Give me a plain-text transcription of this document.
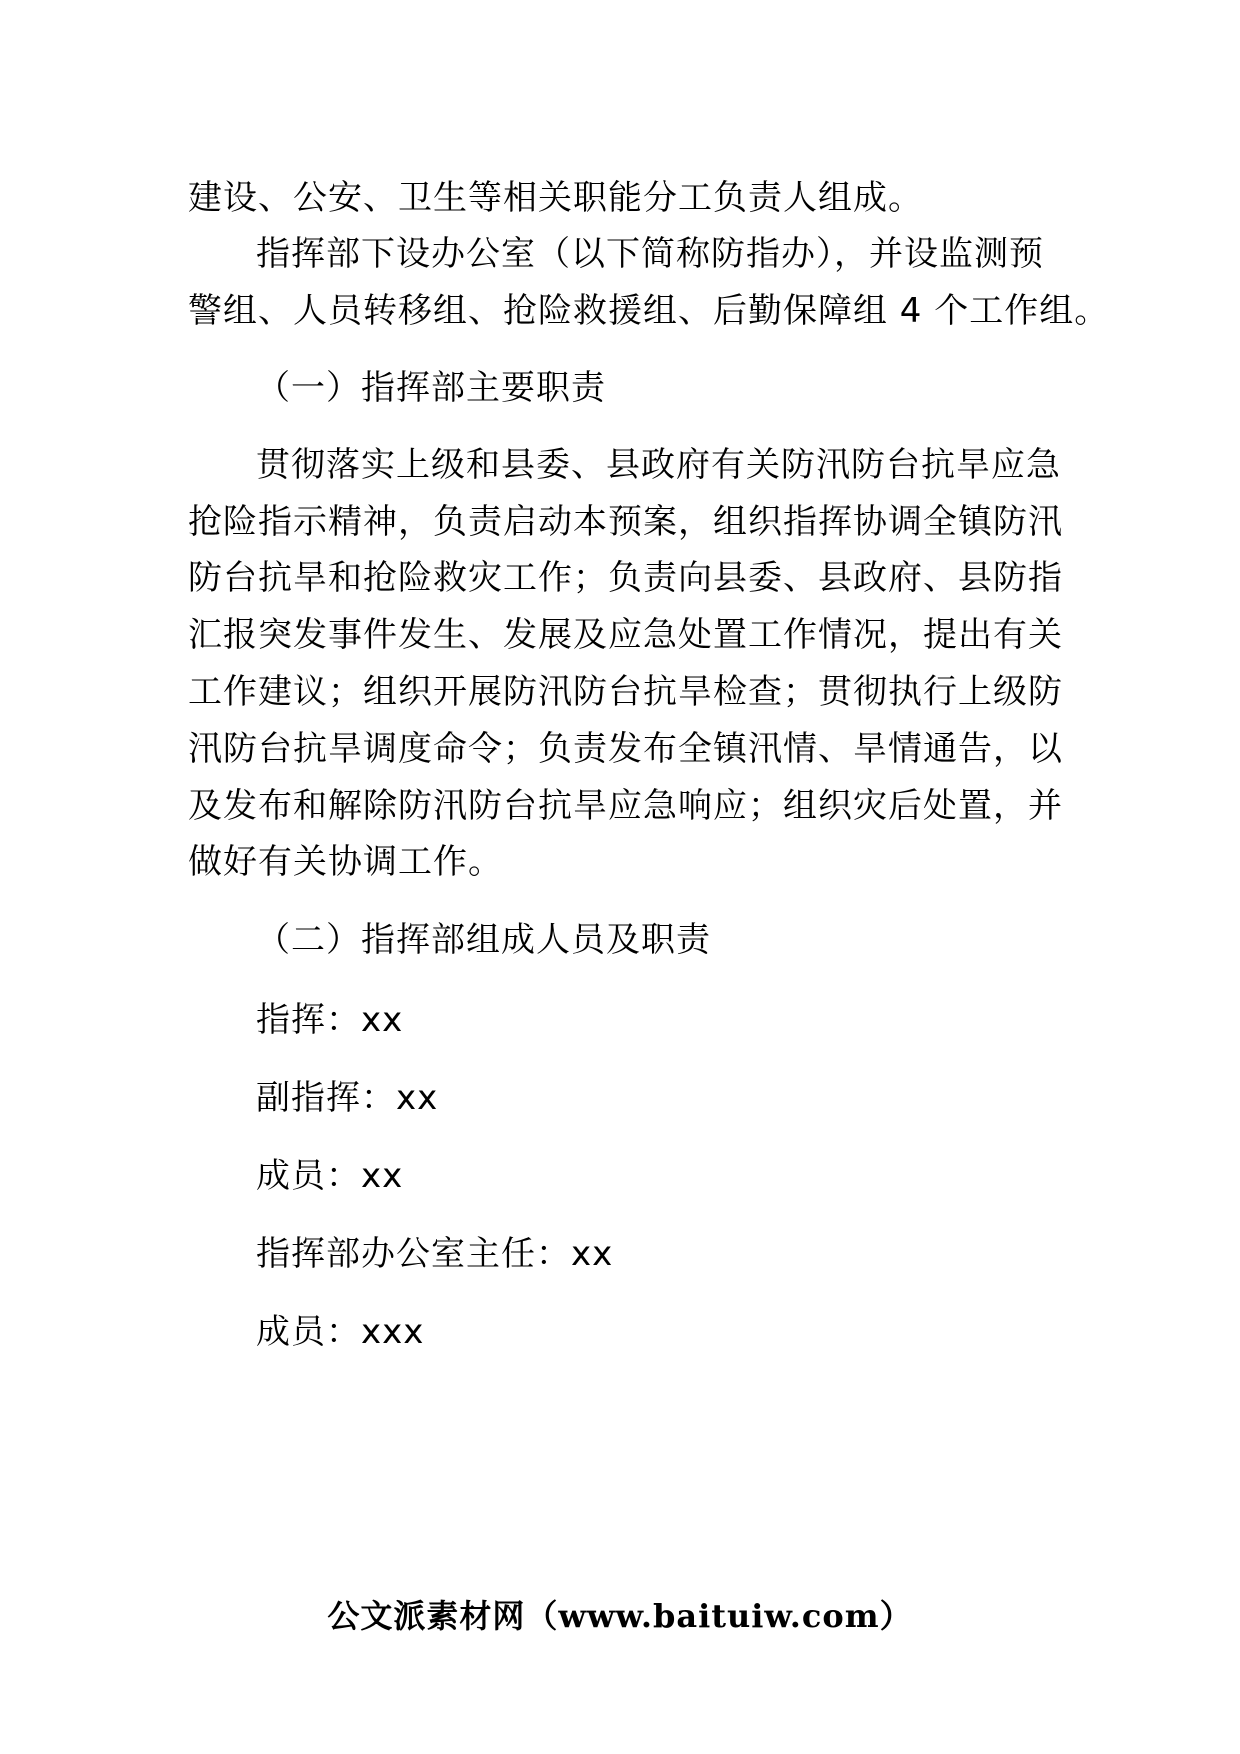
建设、公安、卫生等相关职能分工负责人组成。
指挥部下设办公室（以下简称防指办），并设监测预
警组、人员转移组、抢险救援组、后勤保障组 4 个工作组。
（一）指挥部主要职责
贯彻落实上级和县委、县政府有关防汛防台抗旱应急
抢险指示精神，负责启动本预案，组织指挥协调全镇防汛
防台抗旱和抢险救灾工作；负责向县委、县政府、县防指
汇报突发事件发生、发展及应急处置工作情况，提出有关
工作建议；组织开展防汛防台抗旱检查；贯彻执行上级防
汛防台抗旱调度命令；负责发布全镇汛情、旱情通告，以
及发布和解除防汛防台抗旱应急响应；组织灾后处置，并
做好有关协调工作。
（二）指挥部组成人员及职责
指挥：xx
副指挥：xx
成员：xx
指挥部办公室主任：xx
成员：xxx
公文派素材网（www.baituiw.com）
